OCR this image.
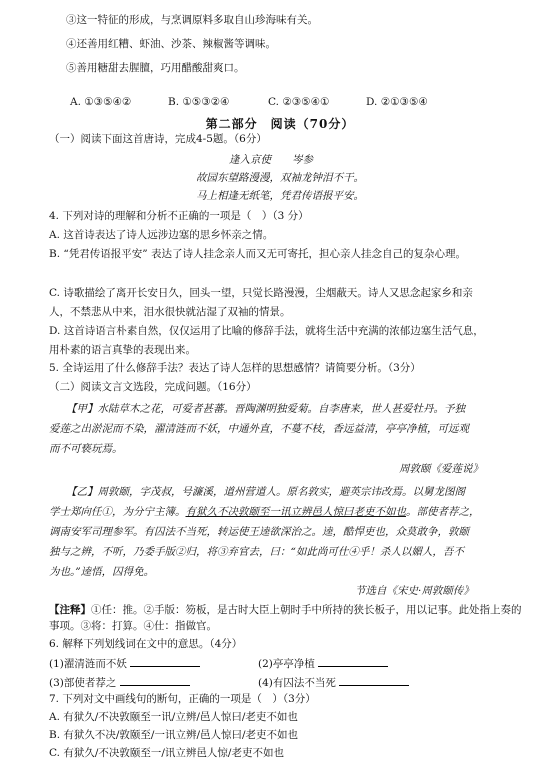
③这一特征的形成，与烹调原料多取自山珍海味有关。
④还善用红糟、虾油、沙茶、辣椒酱等调味。
⑤善用糖甜去腥膻，巧用醋酸甜爽口。
A. ①③⑤④②	B. ①⑤③②④	C. ②③⑤④①	D. ②①③⑤④
第二部分　阅读（70分）
（一）阅读下面这首唐诗，完成4-5题。（6分）
逢入京使 岑参
故园东望路漫漫，双袖龙钟泪不干。
马上相逢无纸笔，凭君传语报平安。
4. 下列对诗的理解和分析不正确的一项是（　）（3 分）
A. 这首诗表达了诗人远涉边塞的思乡怀亲之情。
B. “凭君传语报平安” 表达了诗人挂念亲人而又无可寄托，担心亲人挂念自己的复杂心理。
C. 诗歌描绘了离开长安日久，回头一望，只觉长路漫漫，尘烟蔽天。诗人又思念起家乡和亲
人，不禁悲从中来，泪水很快就沾湿了双袖的情景。
D. 这首诗语言朴素自然，仅仅运用了比喻的修辞手法，就将生活中充满的浓郁边塞生活气息，
用朴素的语言真挚的表现出来。
5. 全诗运用了什么修辞手法？表达了诗人怎样的思想感情？请简要分析。（3分）
（二）阅读文言文选段，完成问题。（16分）
【甲】水陆草木之花，可爱者甚蕃。晋陶渊明独爱菊。自李唐来，世人甚爱牡丹。予独
爱莲之出淤泥而不染，濯清涟而不妖，中通外直，不蔓不枝，香远益清，亭亭净植，可远观
而不可亵玩焉。
周敦颐《爱莲说》
【乙】周敦颐，字茂叔，号濂溪，道州营道人。原名敦实，避英宗讳改焉。以舅龙图阁
学士郑向任①，为分宁主簿。有狱久不决敦颐至一讯立辨邑人惊曰老吏不如也。部使者荐之，
调南安军司理参军。有囚法不当死，转运使王逵欲深治之。逵，酷悍吏也，众莫敢争，敦颐
独与之辨，不听，乃委手版②归，将③弃官去，曰：“如此尚可仕④乎！杀人以媚人，吾不
为也。”逵悟，囚得免。
节选自《宋史·周敦颐传》
【注释】①任：推。②手版：笏板，是古时大臣上朝时手中所持的狭长板子，用以记事。此处指上奏的
事项。③将：打算。④仕：指做官。
6. 解释下列划线词在文中的意思。（4分）
(1)濯清涟而不妖	(2)亭亭净植
(3)部使者荐之	(4)有囚法不当死
7. 下列对文中画线句的断句，正确的一项是（　）（3分）
A. 有狱久/不决敦颐至一讯/立辨/邑人惊曰/老吏不如也
B. 有狱久不决/敦颐至/一讯立辨/邑人惊曰/老吏不如也
C. 有狱久/不决敦颐至一/讯立辨邑人惊/老吏不如也
